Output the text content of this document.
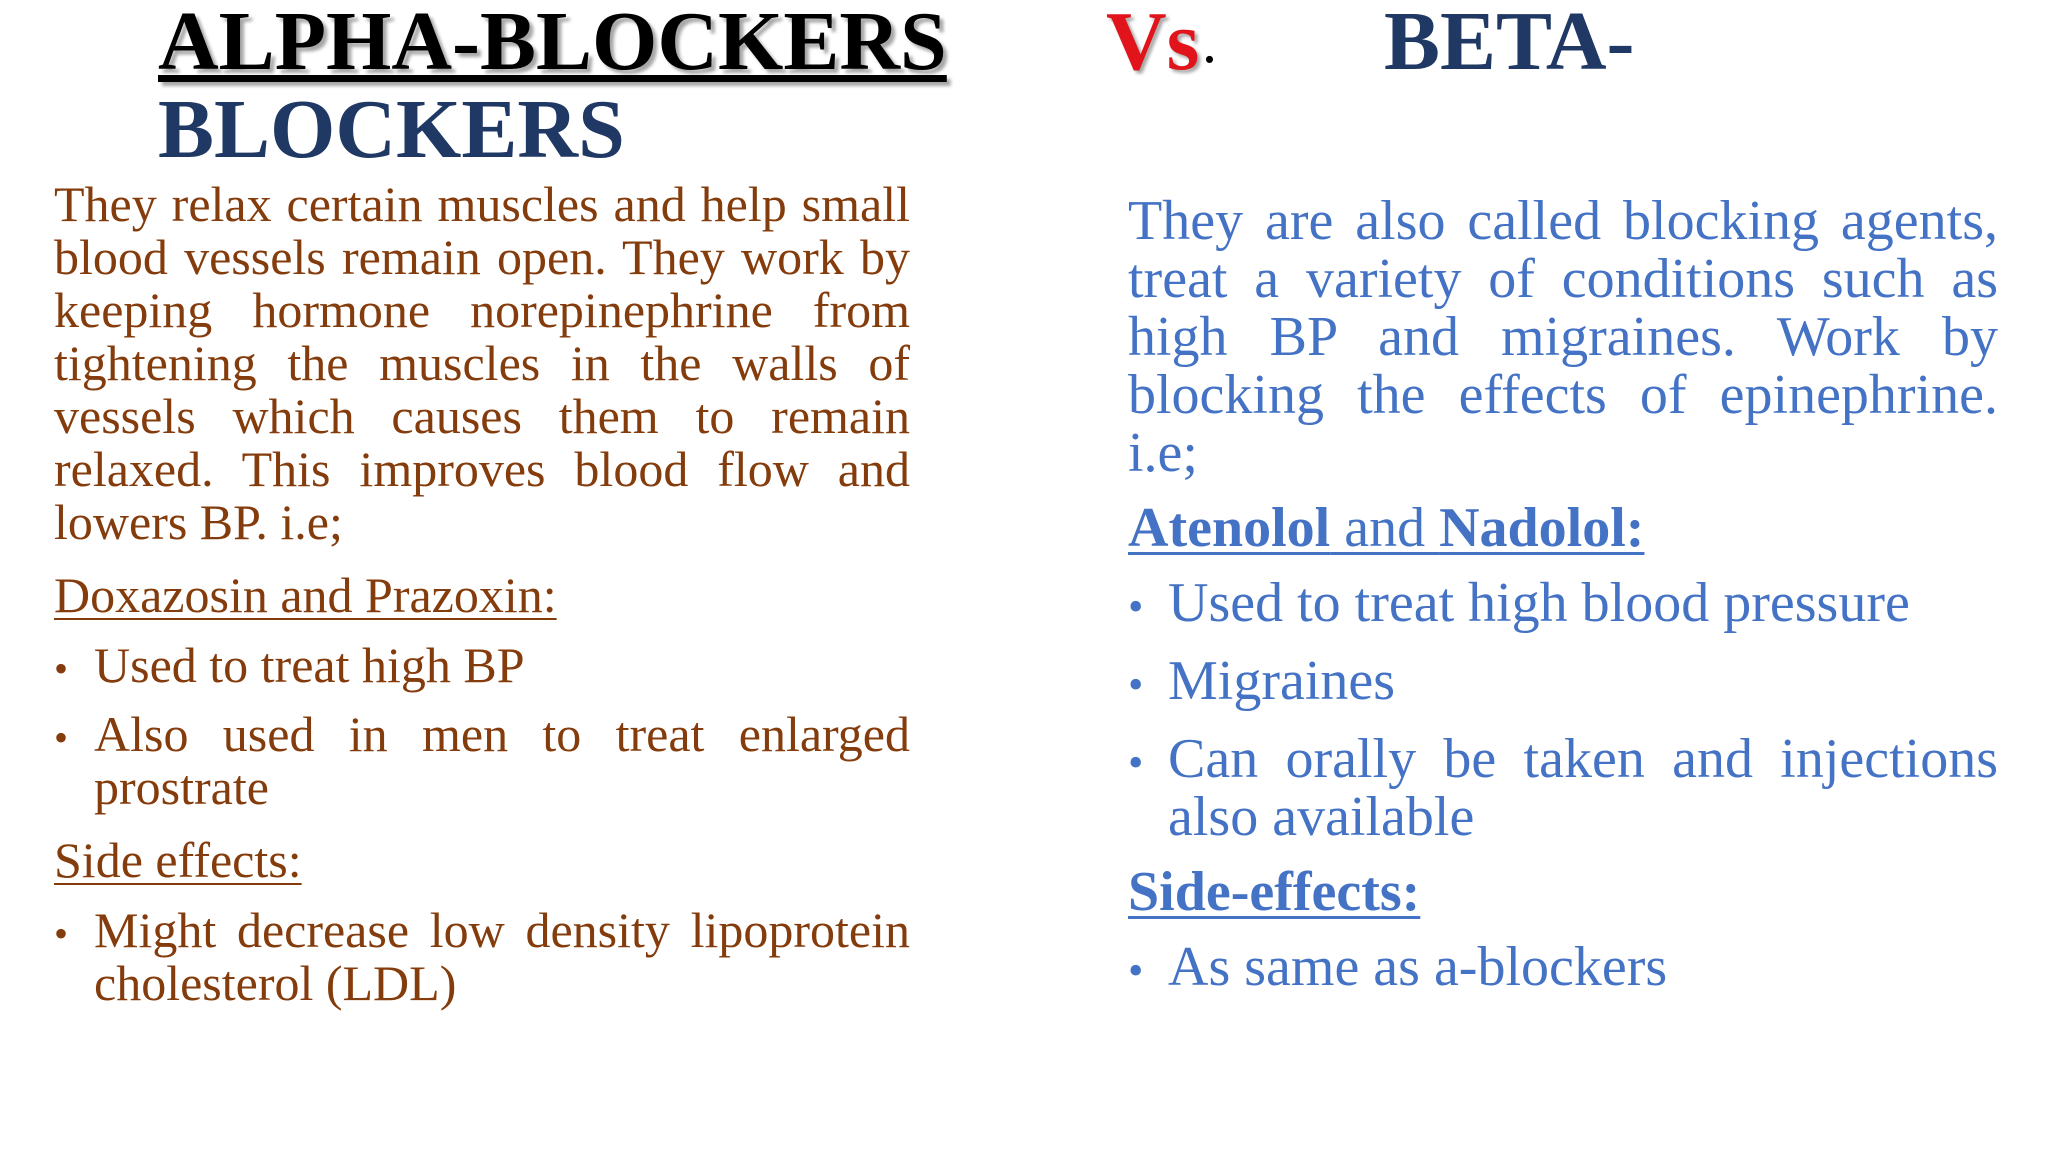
ALPHA-BLOCKERS Vs . BETA-
BLOCKERS

They relax certain muscles and help small blood vessels remain open. They work by keeping hormone norepinephrine from tightening the muscles in the walls of vessels which causes them to remain relaxed. This improves blood flow and lowers BP. i.e;

Doxazosin and Prazoxin:
• Used to treat high BP
• Also used in men to treat enlarged prostrate
Side effects:
• Might decrease low density lipoprotein cholesterol (LDL)

They are also called blocking agents, treat a variety of conditions such as high BP and migraines. Work by blocking the effects of epinephrine. i.e;

Atenolol and Nadolol:
• Used to treat high blood pressure
• Migraines
• Can orally be taken and injections also available
Side-effects:
• As same as a-blockers
